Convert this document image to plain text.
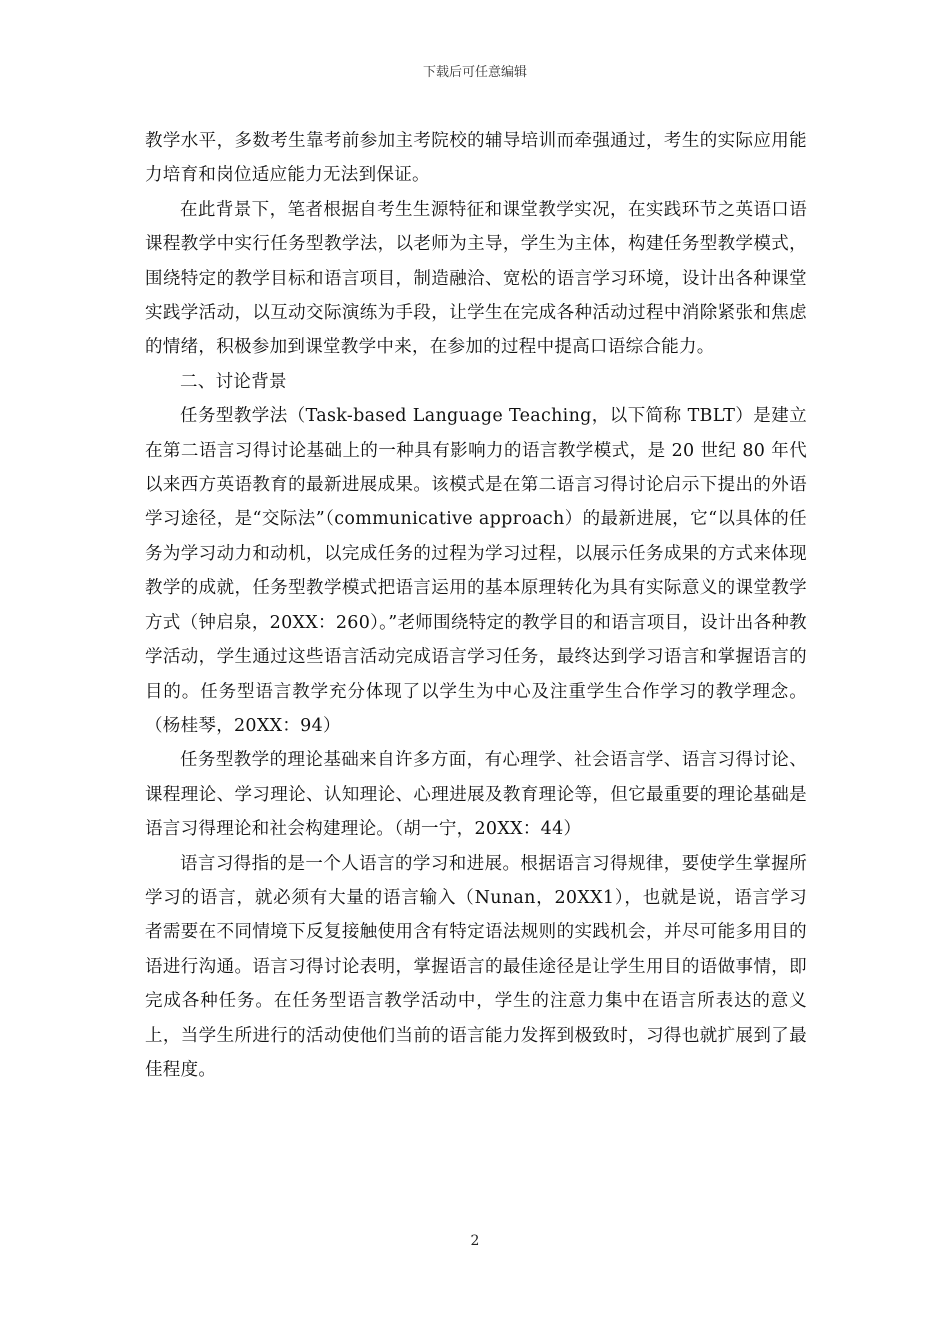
下载后可任意编辑

教学水平，多数考生靠考前参加主考院校的辅导培训而牵强通过，考生的实际应用能力培育和岗位适应能力无法到保证。

在此背景下，笔者根据自考生生源特征和课堂教学实况，在实践环节之英语口语课程教学中实行任务型教学法，以老师为主导，学生为主体，构建任务型教学模式，围绕特定的教学目标和语言项目，制造融洽、宽松的语言学习环境，设计出各种课堂实践学活动，以互动交际演练为手段，让学生在完成各种活动过程中消除紧张和焦虑的情绪，积极参加到课堂教学中来，在参加的过程中提高口语综合能力。

二、讨论背景

任务型教学法（Task-based Language Teaching，以下简称 TBLT）是建立在第二语言习得讨论基础上的一种具有影响力的语言教学模式，是 20 世纪 80 年代以来西方英语教育的最新进展成果。该模式是在第二语言习得讨论启示下提出的外语学习途径，是“交际法”（communicative approach）的最新进展，它“以具体的任务为学习动力和动机，以完成任务的过程为学习过程，以展示任务成果的方式来体现教学的成就，任务型教学模式把语言运用的基本原理转化为具有实际意义的课堂教学方式（钟启泉，20XX：260）。”老师围绕特定的教学目的和语言项目，设计出各种教学活动，学生通过这些语言活动完成语言学习任务，最终达到学习语言和掌握语言的目的。任务型语言教学充分体现了以学生为中心及注重学生合作学习的教学理念。（杨桂琴，20XX：94）

任务型教学的理论基础来自许多方面，有心理学、社会语言学、语言习得讨论、课程理论、学习理论、认知理论、心理进展及教育理论等，但它最重要的理论基础是语言习得理论和社会构建理论。（胡一宁，20XX：44）

语言习得指的是一个人语言的学习和进展。根据语言习得规律，要使学生掌握所学习的语言，就必须有大量的语言输入（Nunan，20XX1），也就是说，语言学习者需要在不同情境下反复接触使用含有特定语法规则的实践机会，并尽可能多用目的语进行沟通。语言习得讨论表明，掌握语言的最佳途径是让学生用目的语做事情，即完成各种任务。在任务型语言教学活动中，学生的注意力集中在语言所表达的意义上，当学生所进行的活动使他们当前的语言能力发挥到极致时，习得也就扩展到了最佳程度。

2
